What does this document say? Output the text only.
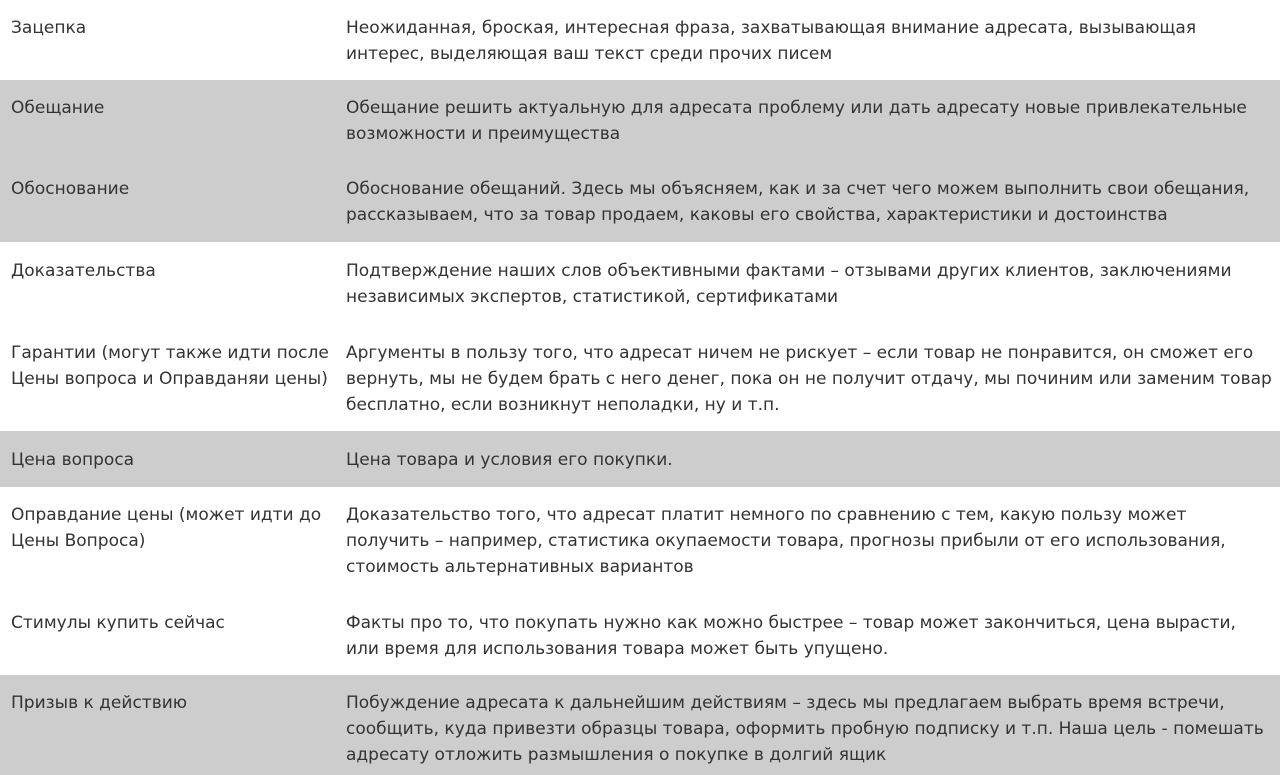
Зацепка	Неожиданная, броская, интересная фраза, захватывающая внимание адресата, вызывающая интерес, выделяющая ваш текст среди прочих писем

Обещание	Обещание решить актуальную для адресата проблему или дать адресату новые привлекательные возможности и преимущества

Обоснование	Обоснование обещаний. Здесь мы объясняем, как и за счет чего можем выполнить свои обещания, рассказываем, что за товар продаем, каковы его свойства, характеристики и достоинства

Доказательства	Подтверждение наших слов объективными фактами – отзывами других клиентов, заключениями независимых экспертов, статистикой, сертификатами

Гарантии (могут также идти после Цены вопроса и Оправданяи цены)	Аргументы в пользу того, что адресат ничем не рискует – если товар не понравится, он сможет его вернуть, мы не будем брать с него денег, пока он не получит отдачу, мы починим или заменим товар бесплатно, если возникнут неполадки, ну и т.п.

Цена вопроса	Цена товара и условия его покупки.

Оправдание цены (может идти до Цены Вопроса)	Доказательство того, что адресат платит немного по сравнению с тем, какую пользу может получить – например, статистика окупаемости товара, прогнозы прибыли от его использования, стоимость альтернативных вариантов

Стимулы купить сейчас	Факты про то, что покупать нужно как можно быстрее – товар может закончиться, цена вырасти, или время для использования товара может быть упущено.

Призыв к действию	Побуждение адресата к дальнейшим действиям – здесь мы предлагаем выбрать время встречи, сообщить, куда привезти образцы товара, оформить пробную подписку и т.п. Наша цель - помешать адресату отложить размышления о покупке в долгий ящик
